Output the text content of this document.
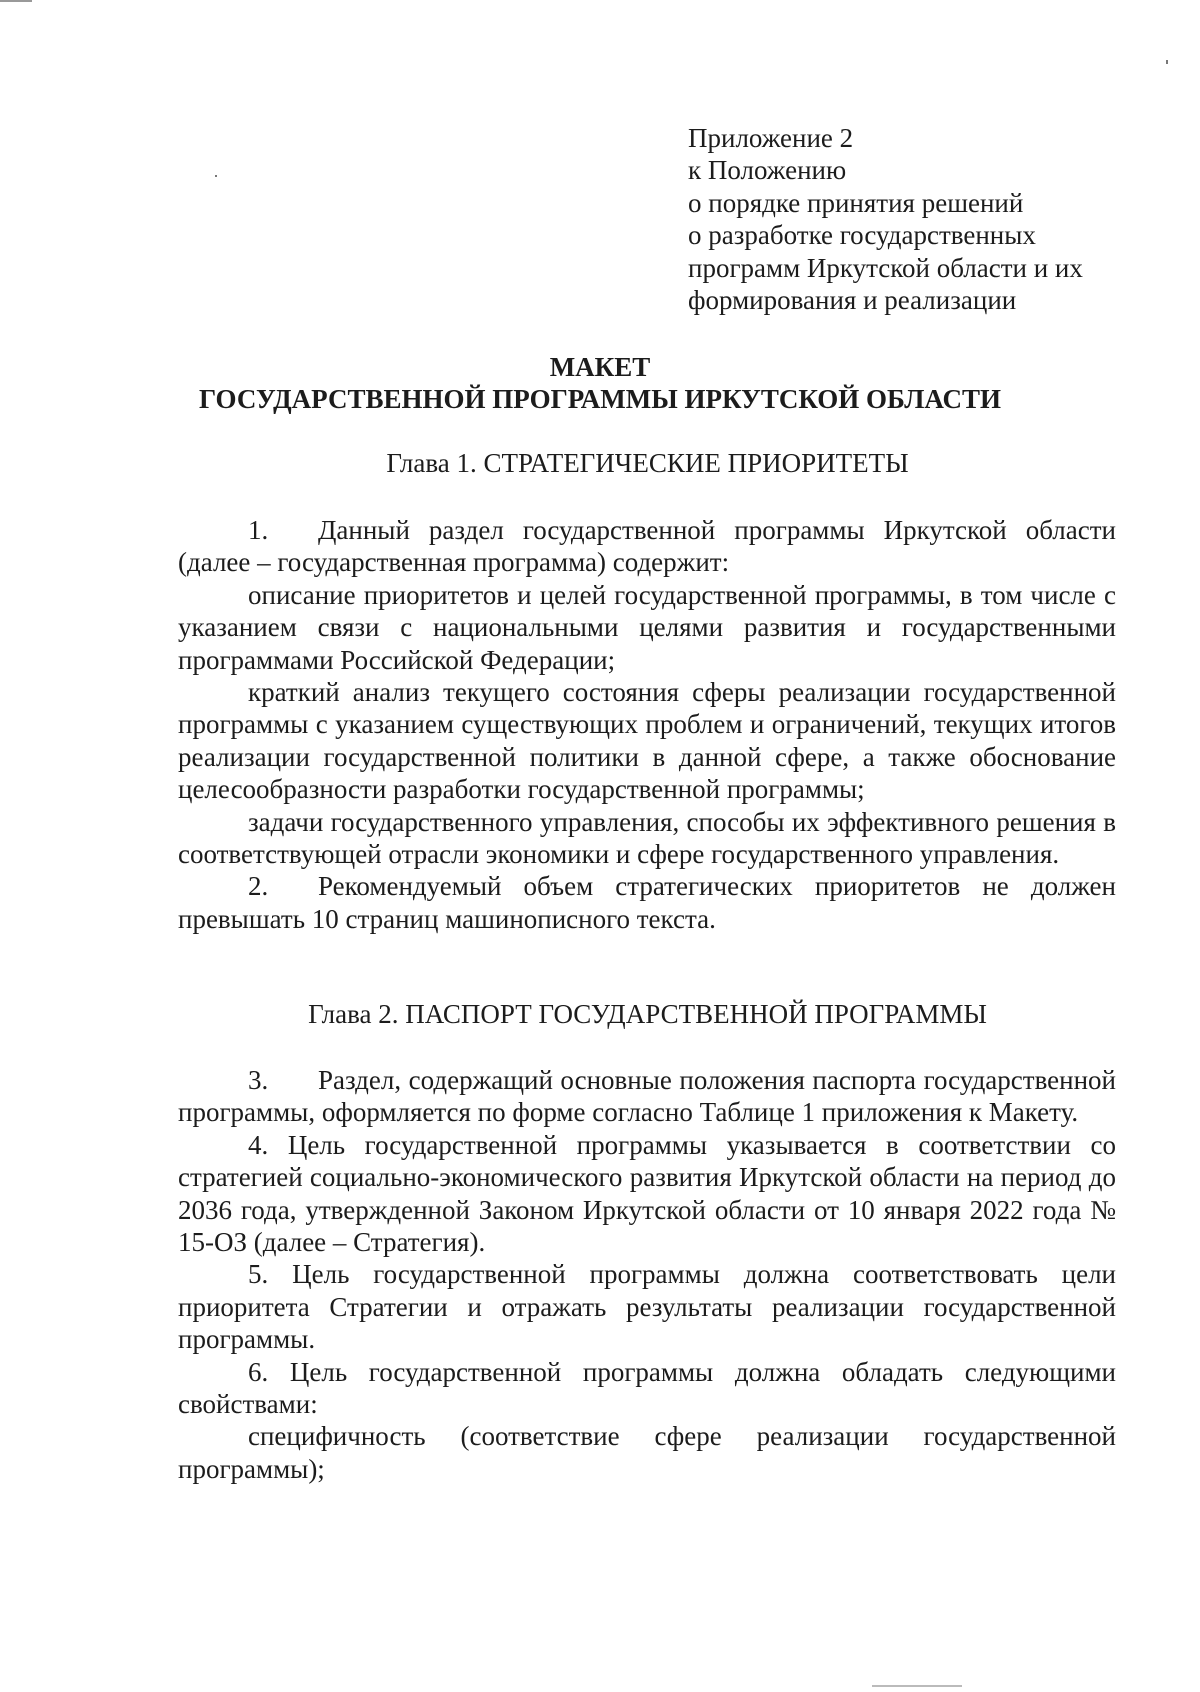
Приложение 2
к Положению
о порядке принятия решений
о разработке государственных
программ Иркутской области и их
формирования и реализации
МАКЕТ
ГОСУДАРСТВЕННОЙ ПРОГРАММЫ ИРКУТСКОЙ ОБЛАСТИ
Глава 1. СТРАТЕГИЧЕСКИЕ ПРИОРИТЕТЫ

1. Данный раздел государственной программы Иркутской области (далее – государственная программа) содержит:

описание приоритетов и целей государственной программы, в том числе с указанием связи с национальными целями развития и государственными программами Российской Федерации;

краткий анализ текущего состояния сферы реализации государственной программы с указанием существующих проблем и ограничений, текущих итогов реализации государственной политики в данной сфере, а также обоснование целесообразности разработки государственной программы;

задачи государственного управления, способы их эффективного решения в соответствующей отрасли экономики и сфере государственного управления.

2. Рекомендуемый объем стратегических приоритетов не должен превышать 10 страниц машинописного текста.

Глава 2. ПАСПОРТ ГОСУДАРСТВЕННОЙ ПРОГРАММЫ

3. Раздел, содержащий основные положения паспорта государственной программы, оформляется по форме согласно Таблице 1 приложения к Макету.

4. Цель государственной программы указывается в соответствии со стратегией социально-экономического развития Иркутской области на период до 2036 года, утвержденной Законом Иркутской области от 10 января 2022 года № 15-ОЗ (далее – Стратегия).

5. Цель государственной программы должна соответствовать цели приоритета Стратегии и отражать результаты реализации государственной программы.

6. Цель государственной программы должна обладать следующими свойствами:

специфичность (соответствие сфере реализации государственной программы);
